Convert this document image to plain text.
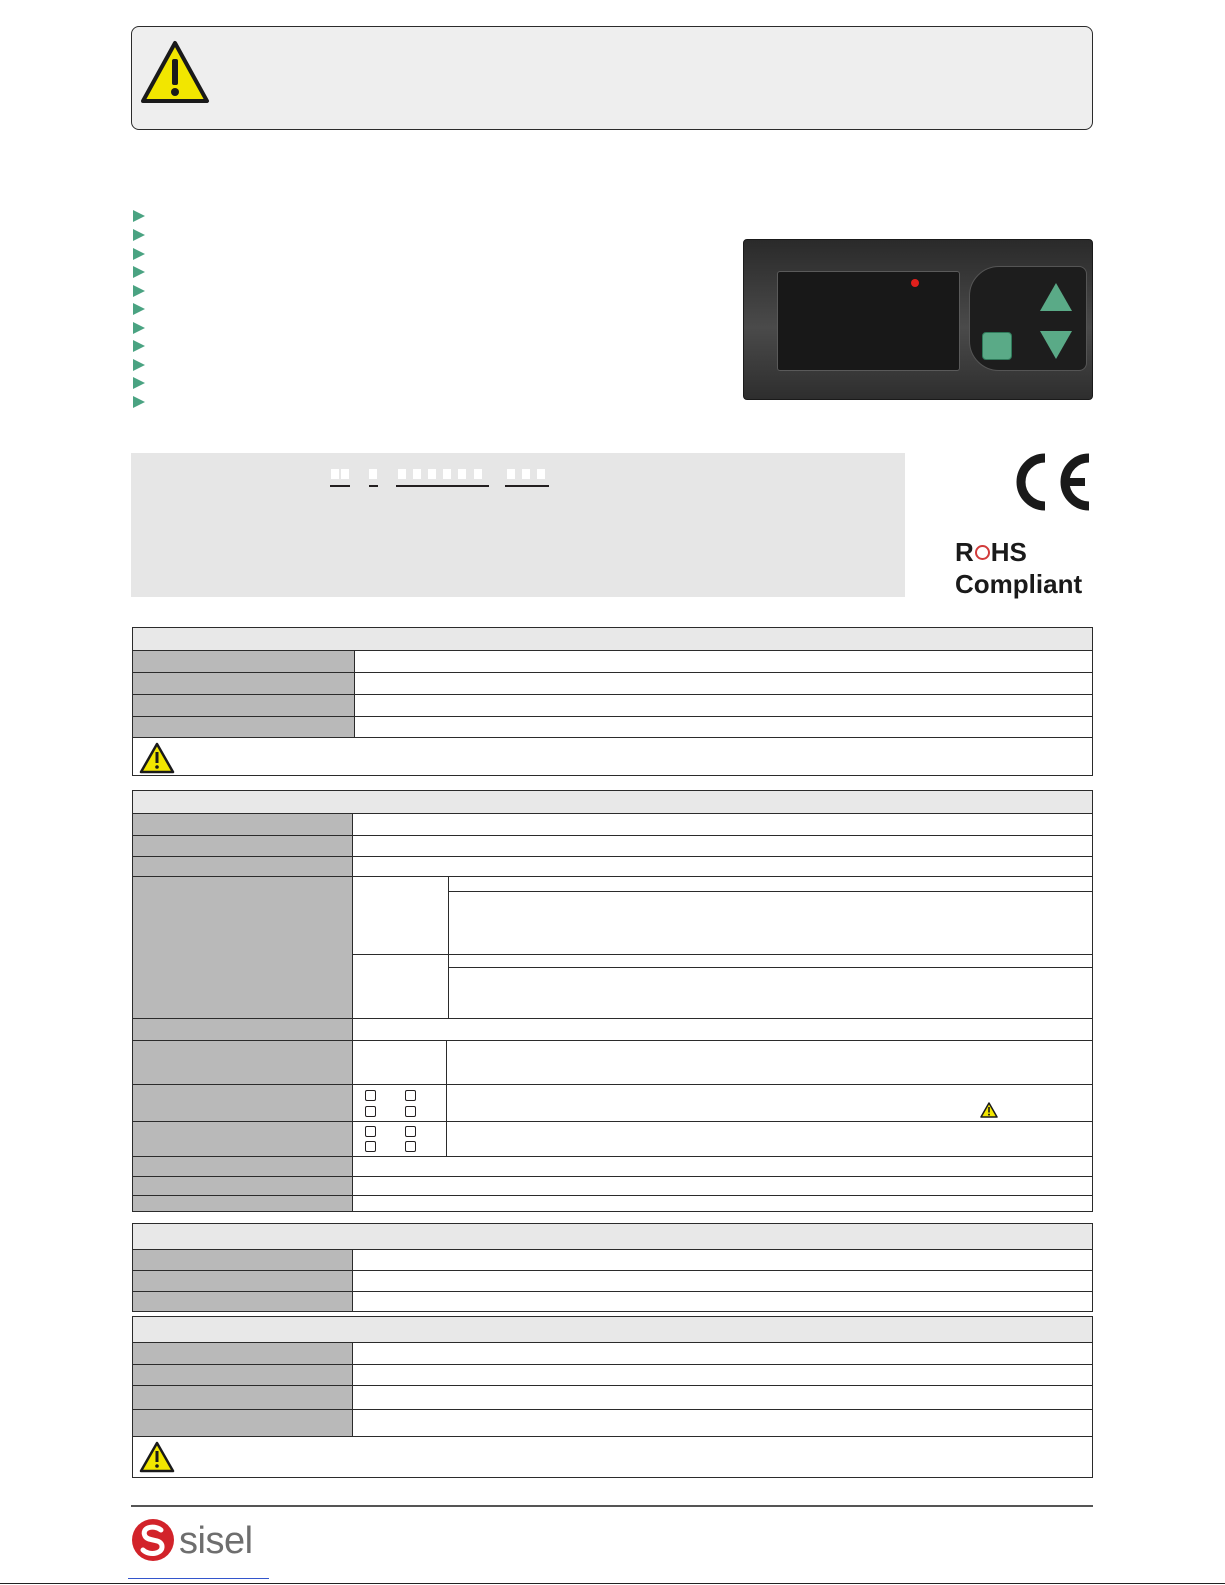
R HS
Compliant
sisel
